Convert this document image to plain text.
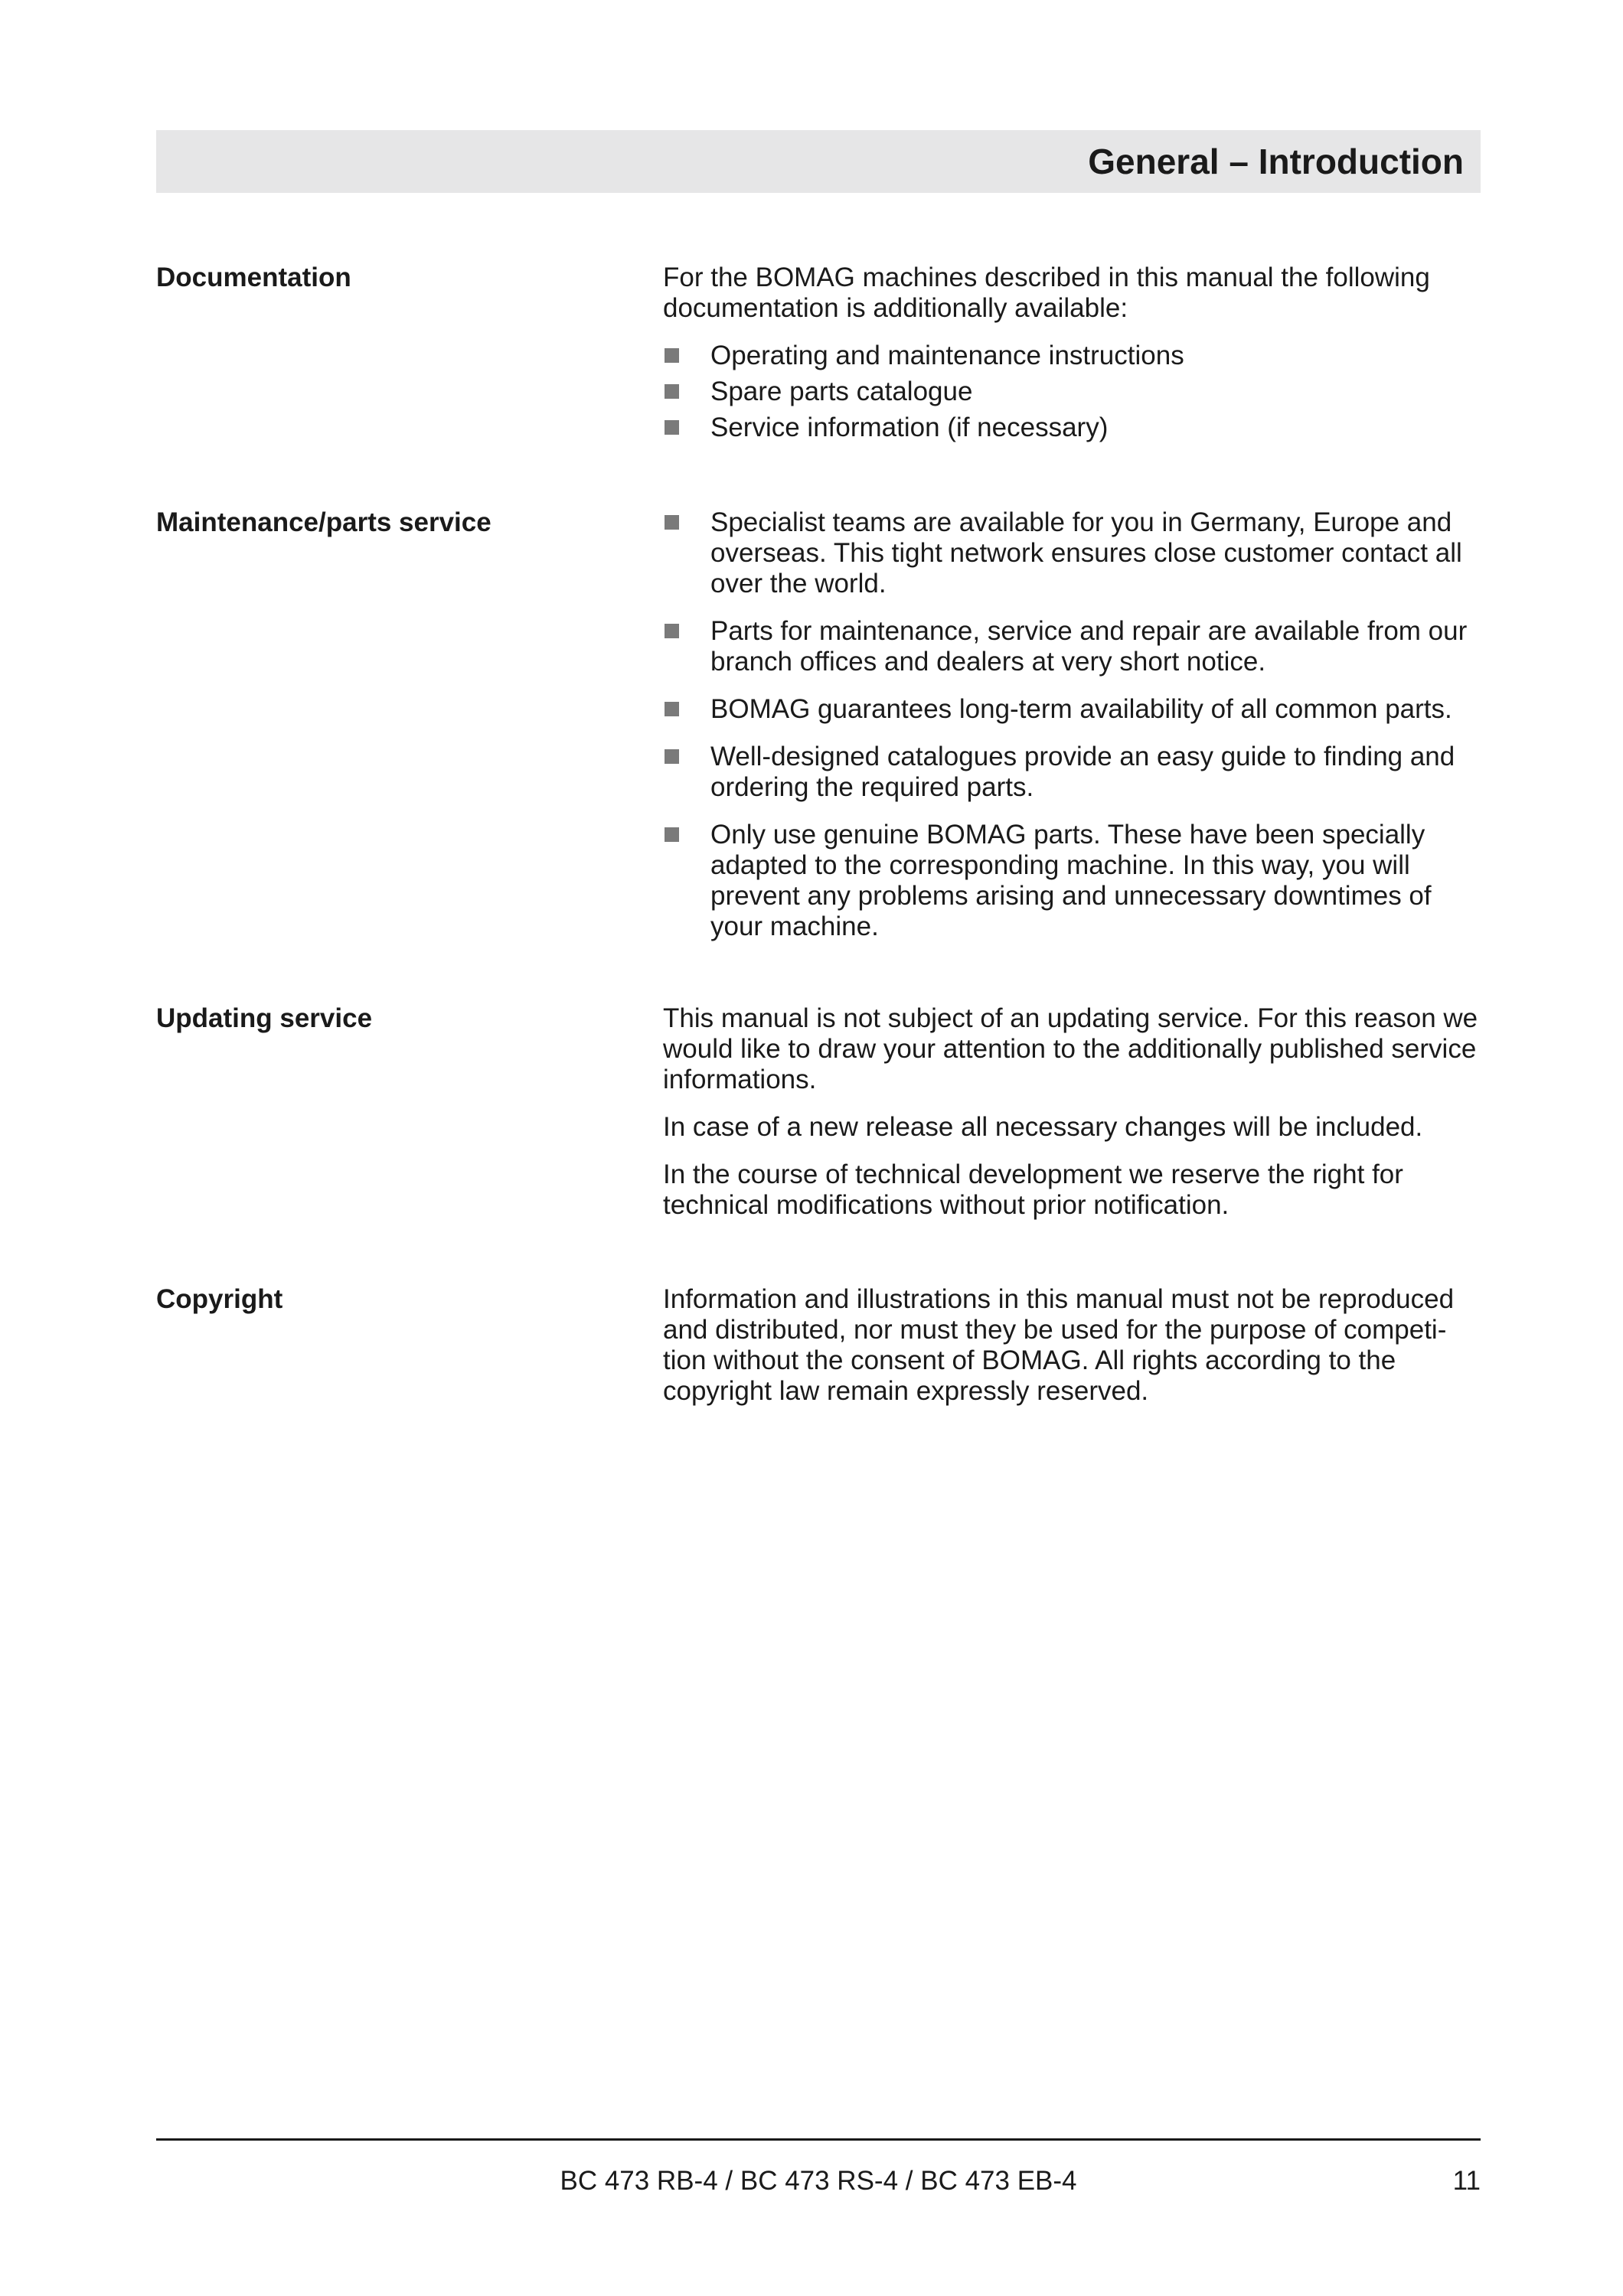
General – Introduction
Documentation	For the BOMAG machines described in this manual the following documentation is additionally available:

Operating and maintenance instructions
Spare parts catalogue
Service information (if necessary)
Maintenance/parts service	Specialist teams are available for you in Germany, Europe and overseas. This tight network ensures close customer contact all over the world.
Parts for maintenance, service and repair are available from our branch offices and dealers at very short notice.
BOMAG guarantees long-term availability of all common parts.
Well-designed catalogues provide an easy guide to finding and ordering the required parts.
Only use genuine BOMAG parts. These have been specially adapted to the corresponding machine. In this way, you will prevent any problems arising and unnecessary downtimes of your machine.
Updating service	This manual is not subject of an updating service. For this reason we would like to draw your attention to the additionally published service informations.

In case of a new release all necessary changes will be included.

In the course of technical development we reserve the right for technical modifications without prior notification.

Copyright	Information and illustrations in this manual must not be reproduced and distributed, nor must they be used for the purpose of competi-tion without the consent of BOMAG. All rights according to the copyright law remain expressly reserved.

BC 473 RB-4 / BC 473 RS-4 / BC 473 EB-4	11
